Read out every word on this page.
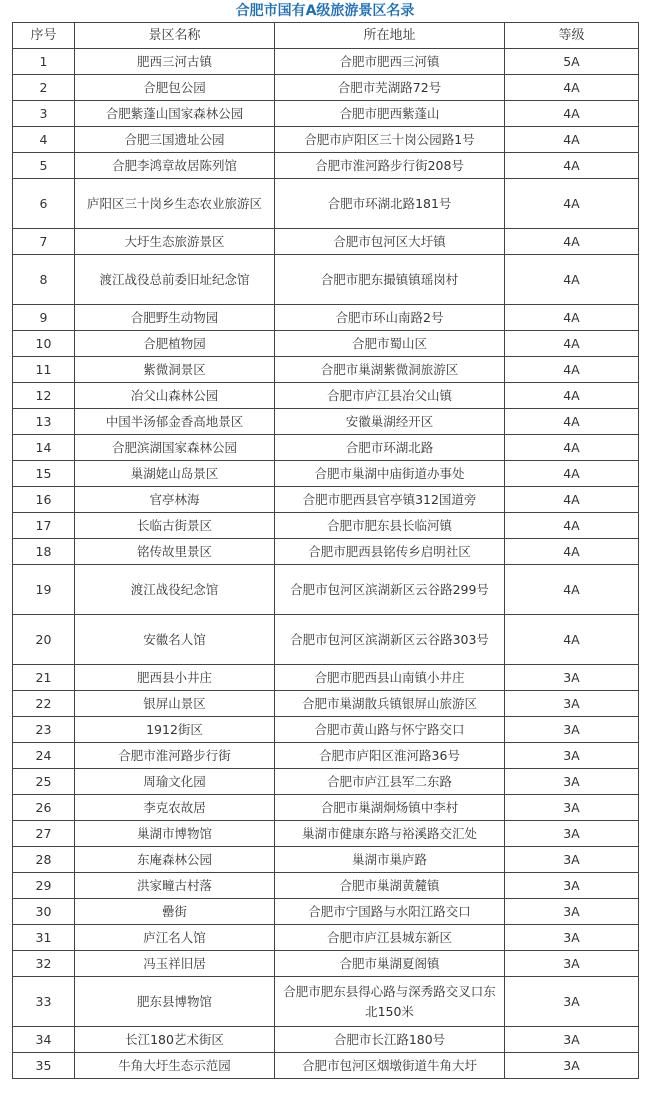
合肥市国有A级旅游景区名录
序号	景区名称	所在地址	等级
1	肥西三河古镇	合肥市肥西三河镇	5A
2	合肥包公园	合肥市芜湖路72号	4A
3	合肥紫蓬山国家森林公园	合肥市肥西紫蓬山	4A
4	合肥三国遗址公园	合肥市庐阳区三十岗公园路1号	4A
5	合肥李鸿章故居陈列馆	合肥市淮河路步行街208号	4A
6	庐阳区三十岗乡生态农业旅游区	合肥市环湖北路181号	4A
7	大圩生态旅游景区	合肥市包河区大圩镇	4A
8	渡江战役总前委旧址纪念馆	合肥市肥东撮镇镇瑶岗村	4A
9	合肥野生动物园	合肥市环山南路2号	4A
10	合肥植物园	合肥市蜀山区	4A
11	紫微洞景区	合肥市巢湖紫微洞旅游区	4A
12	冶父山森林公园	合肥市庐江县冶父山镇	4A
13	中国半汤郁金香高地景区	安徽巢湖经开区	4A
14	合肥滨湖国家森林公园	合肥市环湖北路	4A
15	巢湖姥山岛景区	合肥市巢湖中庙街道办事处	4A
16	官亭林海	合肥市肥西县官亭镇312国道旁	4A
17	长临古街景区	合肥市肥东县长临河镇	4A
18	铭传故里景区	合肥市肥西县铭传乡启明社区	4A
19	渡江战役纪念馆	合肥市包河区滨湖新区云谷路299号	4A
20	安徽名人馆	合肥市包河区滨湖新区云谷路303号	4A
21	肥西县小井庄	合肥市肥西县山南镇小井庄	3A
22	银屏山景区	合肥市巢湖散兵镇银屏山旅游区	3A
23	1912街区	合肥市黄山路与怀宁路交口	3A
24	合肥市淮河路步行街	合肥市庐阳区淮河路36号	3A
25	周瑜文化园	合肥市庐江县军二东路	3A
26	李克农故居	合肥市巢湖烔炀镇中李村	3A
27	巢湖市博物馆	巢湖市健康东路与裕溪路交汇处	3A
28	东庵森林公园	巢湖市巢庐路	3A
29	洪家疃古村落	合肥市巢湖黄麓镇	3A
30	罍街	合肥市宁国路与水阳江路交口	3A
31	庐江名人馆	合肥市庐江县城东新区	3A
32	冯玉祥旧居	合肥市巢湖夏阁镇	3A
33	肥东县博物馆	合肥市肥东县得心路与深秀路交叉口东北150米	3A
34	长江180艺术街区	合肥市长江路180号	3A
35	牛角大圩生态示范园	合肥市包河区烟墩街道牛角大圩	3A
